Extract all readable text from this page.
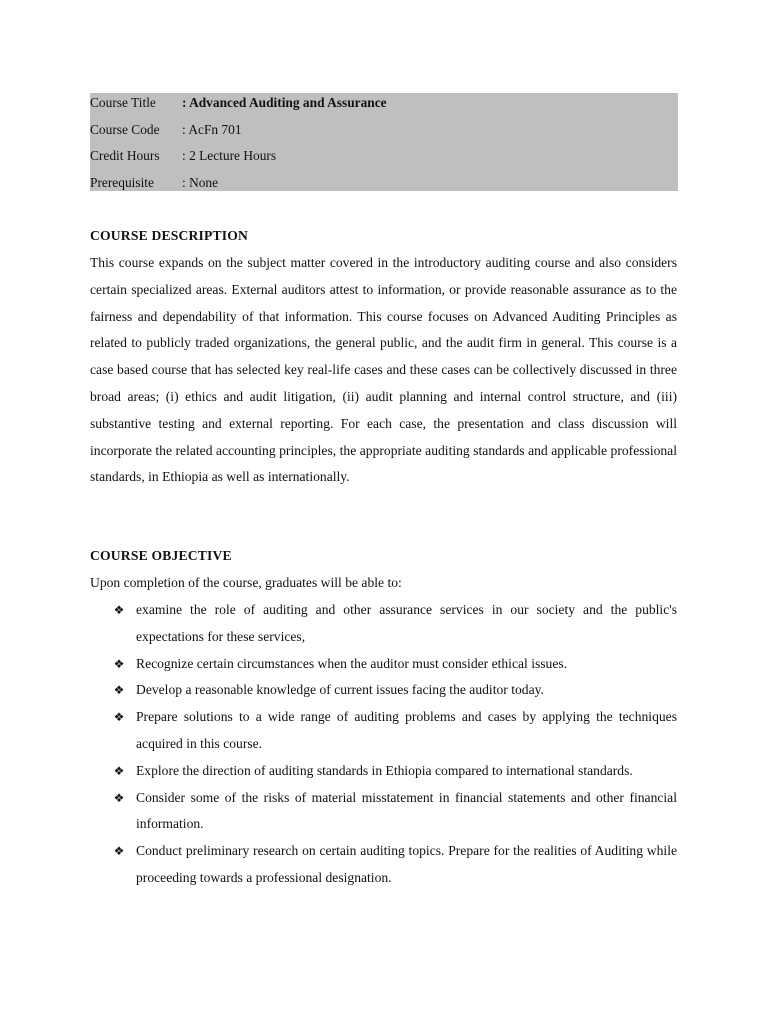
Course Title	: Advanced Auditing and Assurance
Course Code	: AcFn 701
Credit Hours	: 2 Lecture Hours
Prerequisite	: None
COURSE DESCRIPTION
This course expands on the subject matter covered in the introductory auditing course and also considers certain specialized areas. External auditors attest to information, or provide reasonable assurance as to the fairness and dependability of that information. This course focuses on Advanced Auditing Principles as related to publicly traded organizations, the general public, and the audit firm in general. This course is a case based course that has selected key real-life cases and these cases can be collectively discussed in three broad areas; (i) ethics and audit litigation, (ii) audit planning and internal control structure, and (iii) substantive testing and external reporting. For each case, the presentation and class discussion will incorporate the related accounting principles, the appropriate auditing standards and applicable professional standards, in Ethiopia as well as internationally.
COURSE OBJECTIVE
Upon completion of the course, graduates will be able to:
❖ examine the role of auditing and other assurance services in our society and the public's expectations for these services,
❖ Recognize certain circumstances when the auditor must consider ethical issues.
❖ Develop a reasonable knowledge of current issues facing the auditor today.
❖ Prepare solutions to a wide range of auditing problems and cases by applying the techniques acquired in this course.
❖ Explore the direction of auditing standards in Ethiopia compared to international standards.
❖ Consider some of the risks of material misstatement in financial statements and other financial information.
❖ Conduct preliminary research on certain auditing topics. Prepare for the realities of Auditing while proceeding towards a professional designation.
